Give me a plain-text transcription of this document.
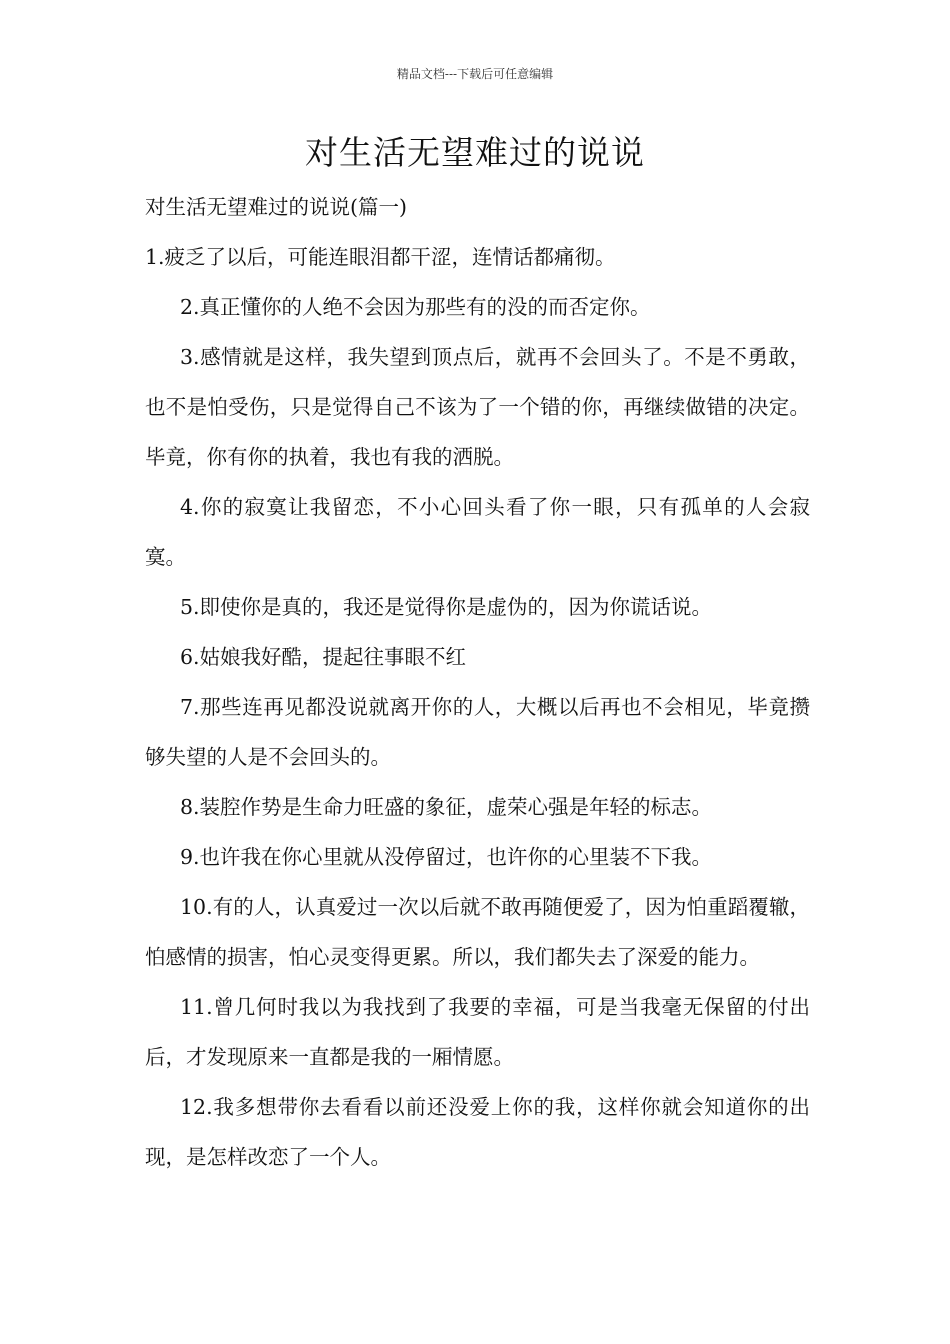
精品文档---下载后可任意编辑
对生活无望难过的说说

对生活无望难过的说说(篇一)

1.疲乏了以后，可能连眼泪都干涩，连情话都痛彻。

2.真正懂你的人绝不会因为那些有的没的而否定你。

3.感情就是这样，我失望到顶点后，就再不会回头了。不是不勇敢，也不是怕受伤，只是觉得自己不该为了一个错的你，再继续做错的决定。毕竟，你有你的执着，我也有我的洒脱。

4.你的寂寞让我留恋，不小心回头看了你一眼，只有孤单的人会寂寞。

5.即使你是真的，我还是觉得你是虚伪的，因为你谎话说。

6.姑娘我好酷，提起往事眼不红

7.那些连再见都没说就离开你的人，大概以后再也不会相见，毕竟攒够失望的人是不会回头的。

8.装腔作势是生命力旺盛的象征，虚荣心强是年轻的标志。

9.也许我在你心里就从没停留过，也许你的心里装不下我。

10.有的人，认真爱过一次以后就不敢再随便爱了，因为怕重蹈覆辙，怕感情的损害，怕心灵变得更累。所以，我们都失去了深爱的能力。

11.曾几何时我以为我找到了我要的幸福，可是当我毫无保留的付出后，才发现原来一直都是我的一厢情愿。

12.我多想带你去看看以前还没爱上你的我，这样你就会知道你的出现，是怎样改恋了一个人。
